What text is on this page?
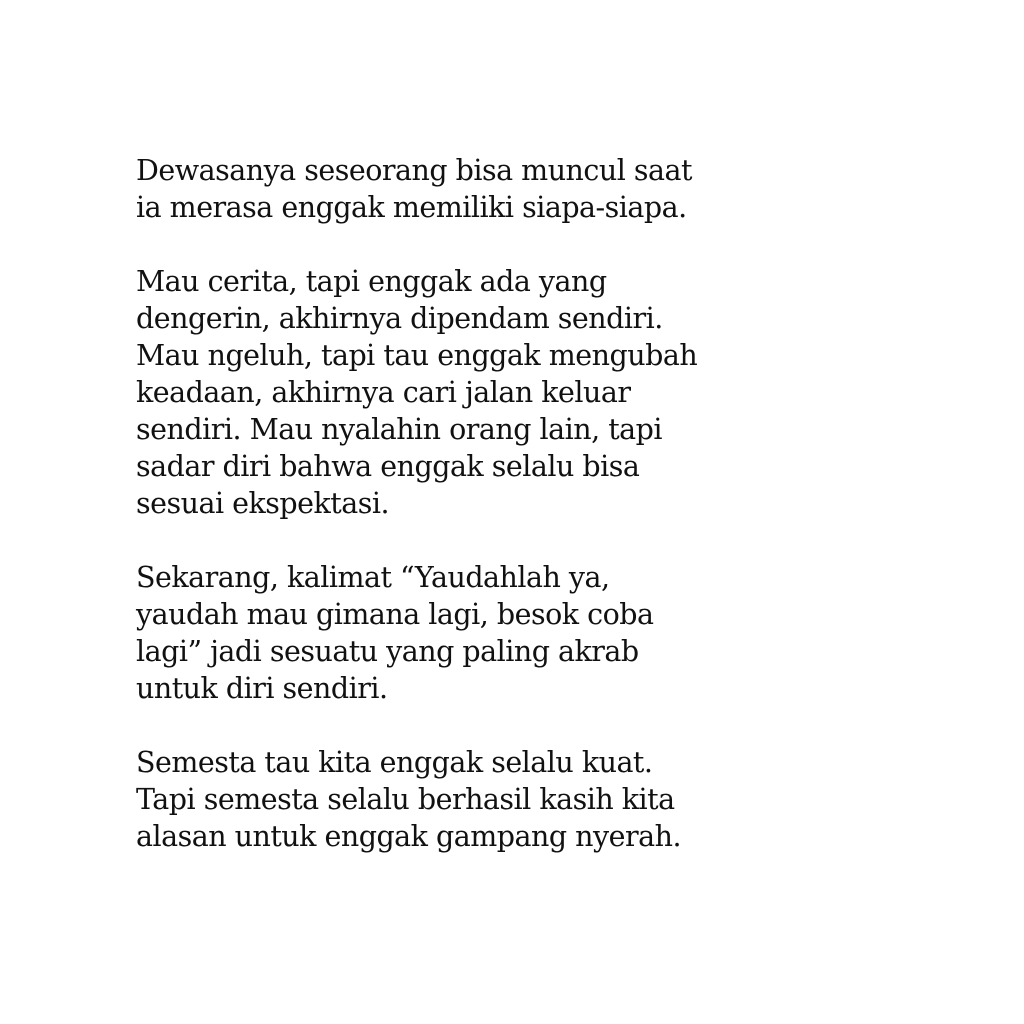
Dewasanya seseorang bisa muncul saat
ia merasa enggak memiliki siapa-siapa.

Mau cerita, tapi enggak ada yang
dengerin, akhirnya dipendam sendiri.
Mau ngeluh, tapi tau enggak mengubah
keadaan, akhirnya cari jalan keluar
sendiri. Mau nyalahin orang lain, tapi
sadar diri bahwa enggak selalu bisa
sesuai ekspektasi.

Sekarang, kalimat “Yaudahlah ya,
yaudah mau gimana lagi, besok coba
lagi” jadi sesuatu yang paling akrab
untuk diri sendiri.

Semesta tau kita enggak selalu kuat.
Tapi semesta selalu berhasil kasih kita
alasan untuk enggak gampang nyerah.
